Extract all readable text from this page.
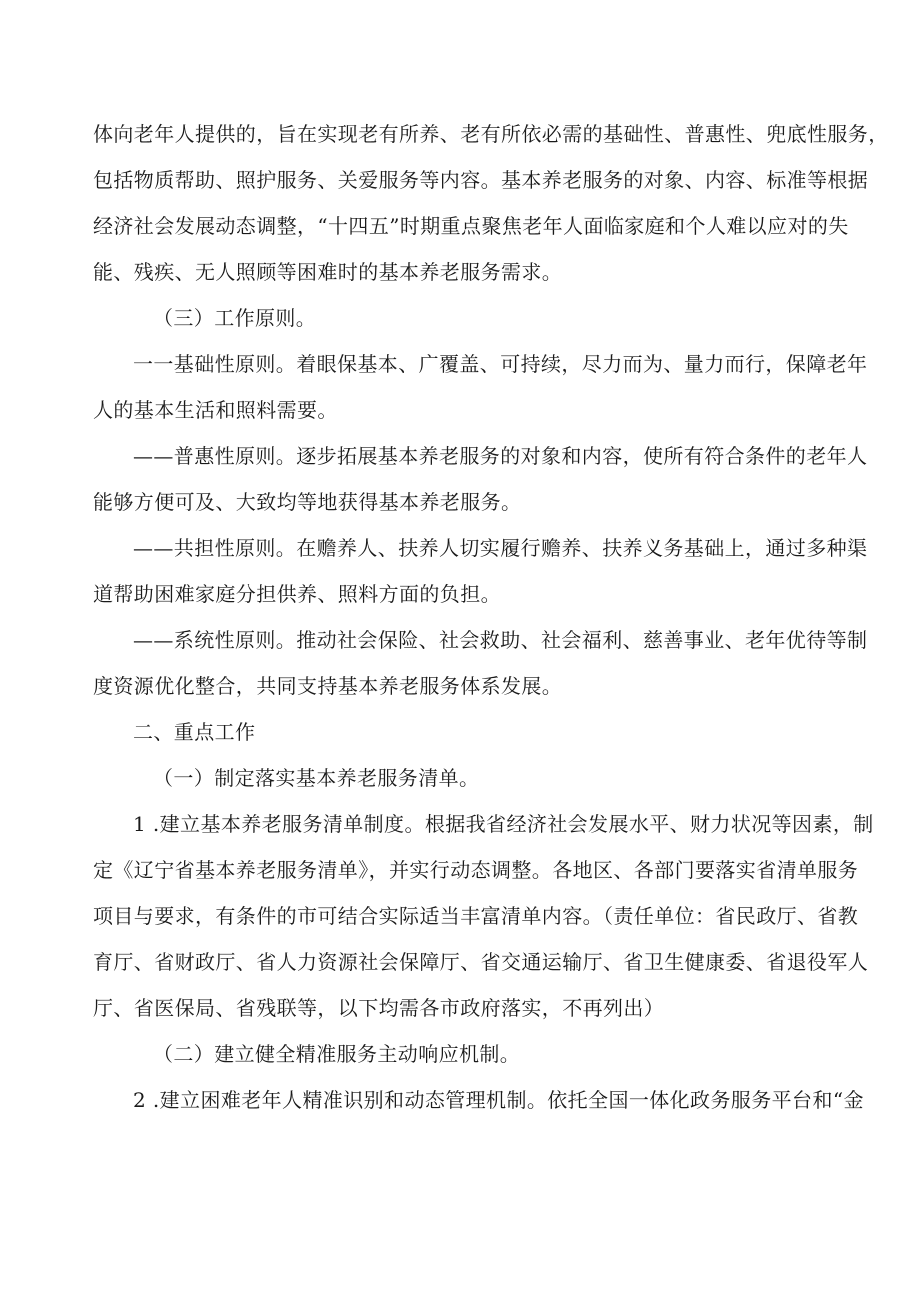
体向老年人提供的，旨在实现老有所养、老有所依必需的基础性、普惠性、兜底性服务，
包括物质帮助、照护服务、关爱服务等内容。基本养老服务的对象、内容、标准等根据
经济社会发展动态调整，“十四五”时期重点聚焦老年人面临家庭和个人难以应对的失
能、残疾、无人照顾等困难时的基本养老服务需求。
（三）工作原则。
一一基础性原则。着眼保基本、广覆盖、可持续，尽力而为、量力而行，保障老年
人的基本生活和照料需要。
——普惠性原则。逐步拓展基本养老服务的对象和内容，使所有符合条件的老年人
能够方便可及、大致均等地获得基本养老服务。
——共担性原则。在赡养人、扶养人切实履行赡养、扶养义务基础上，通过多种渠
道帮助困难家庭分担供养、照料方面的负担。
——系统性原则。推动社会保险、社会救助、社会福利、慈善事业、老年优待等制
度资源优化整合，共同支持基本养老服务体系发展。
二、重点工作
（一）制定落实基本养老服务清单。
1 .建立基本养老服务清单制度。根据我省经济社会发展水平、财力状况等因素，制
定《辽宁省基本养老服务清单》，并实行动态调整。各地区、各部门要落实省清单服务
项目与要求，有条件的市可结合实际适当丰富清单内容。（责任单位：省民政厅、省教
育厅、省财政厅、省人力资源社会保障厅、省交通运输厅、省卫生健康委、省退役军人
厅、省医保局、省残联等，以下均需各市政府落实，不再列出）
（二）建立健全精准服务主动响应机制。
2 .建立困难老年人精准识别和动态管理机制。依托全国一体化政务服务平台和“金
